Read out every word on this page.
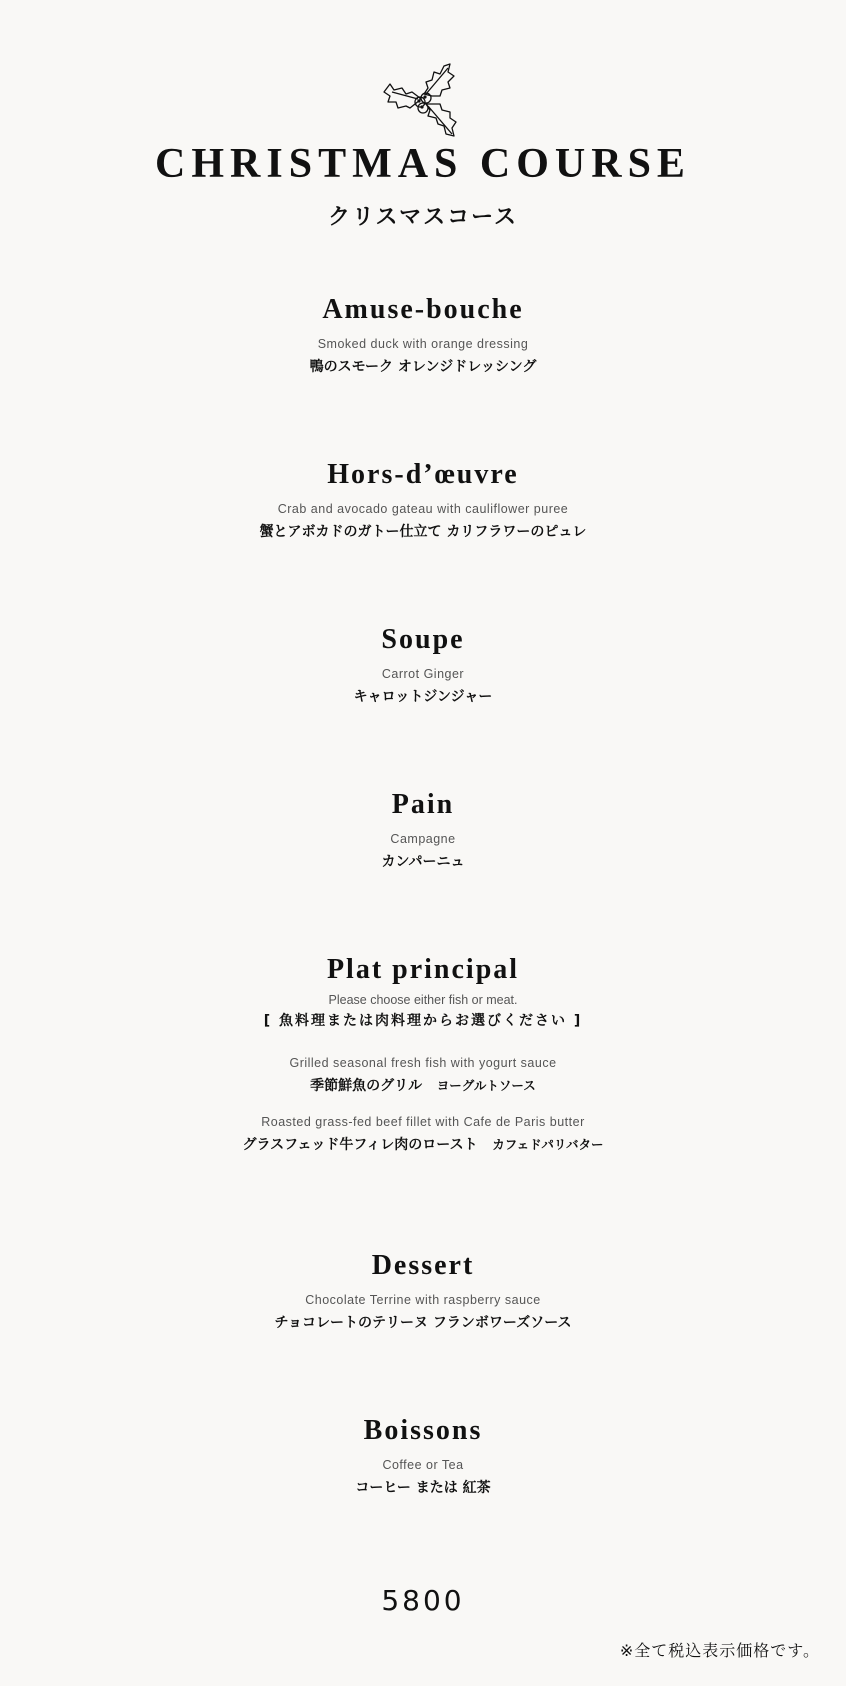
CHRISTMAS COURSE
クリスマスコース
Amuse-bouche
Smoked duck with orange dressing
鴨のスモーク オレンジドレッシング
Hors-d’œuvre
Crab and avocado gateau with cauliflower puree
蟹とアボカドのガトー仕立て カリフラワーのピュレ
Soupe
Carrot Ginger
キャロットジンジャー
Pain
Campagne
カンパーニュ
Plat principal
Please choose either fish or meat.
[ 魚料理または肉料理からお選びください ]
Grilled seasonal fresh fish with yogurt sauce
季節鮮魚のグリル ヨーグルトソース
Roasted grass-fed beef fillet with Cafe de Paris butter
グラスフェッド牛フィレ肉のロースト カフェドパリバター
Dessert
Chocolate Terrine with raspberry sauce
チョコレートのテリーヌ フランボワーズソース
Boissons
Coffee or Tea
コーヒー または 紅茶
5800
※全て税込表示価格です。
